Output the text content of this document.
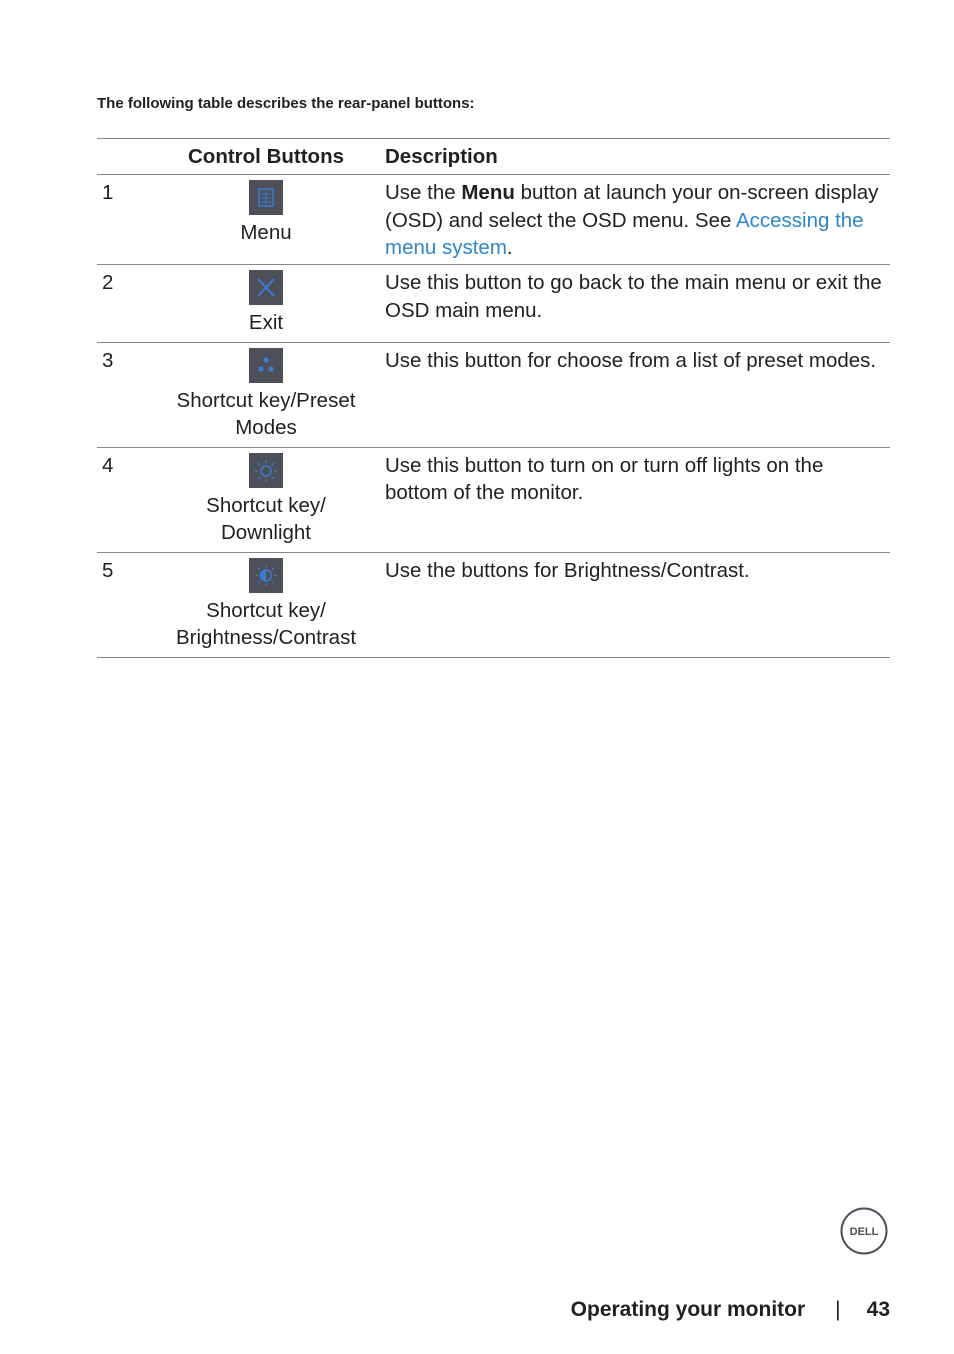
The following table describes the rear-panel buttons:

	Control Buttons	Description
1	Menu	Use the Menu button at launch your on-screen display (OSD) and select the OSD menu. See Accessing the menu system.
2	Exit	Use this button to go back to the main menu or exit the OSD main menu.
3	Shortcut key/Preset Modes	Use this button for choose from a list of preset modes.
4	Shortcut key/ Downlight	Use this button to turn on or turn off lights on the bottom of the monitor.
5	Shortcut key/ Brightness/Contrast	Use the buttons for Brightness/Contrast.
DELL
Operating your monitor | 43
